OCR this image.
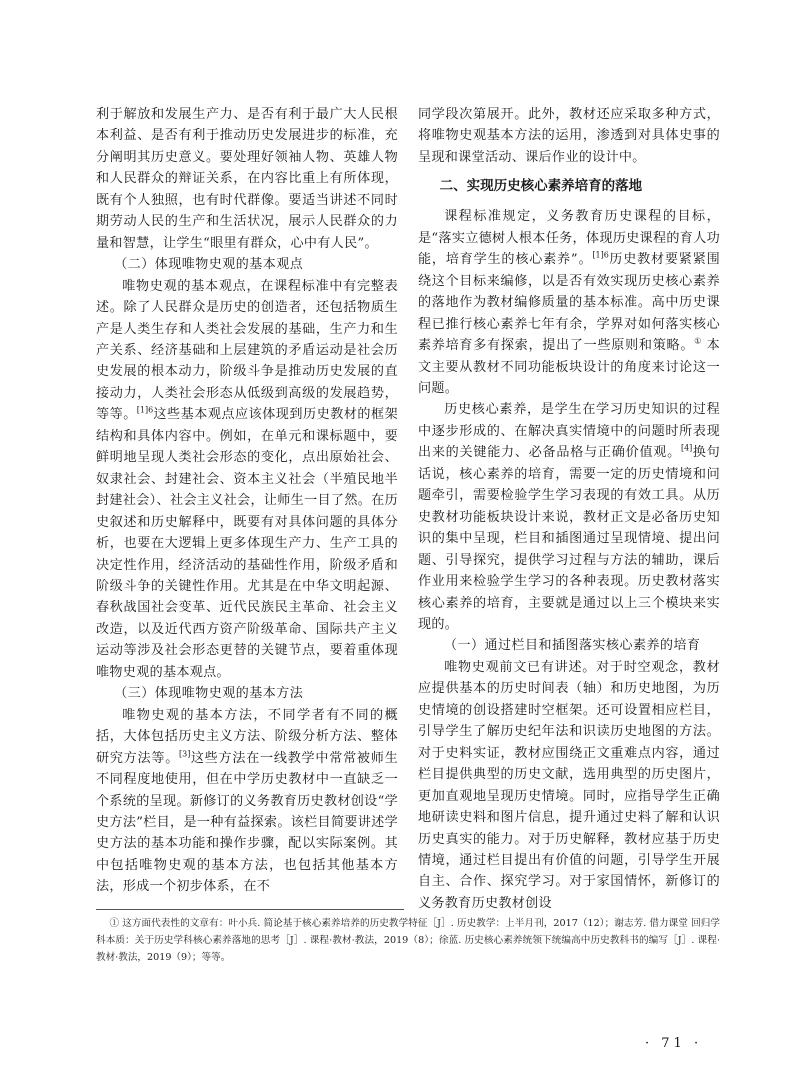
利于解放和发展生产力、是否有利于最广大人民根本利益、是否有利于推动历史发展进步的标准，充分阐明其历史意义。要处理好领袖人物、英雄人物和人民群众的辩证关系，在内容比重上有所体现，既有个人独照，也有时代群像。要适当讲述不同时期劳动人民的生产和生活状况，展示人民群众的力量和智慧，让学生“眼里有群众，心中有人民”。

（二）体现唯物史观的基本观点

唯物史观的基本观点，在课程标准中有完整表述。除了人民群众是历史的创造者，还包括物质生产是人类生存和人类社会发展的基础，生产力和生产关系、经济基础和上层建筑的矛盾运动是社会历史发展的根本动力，阶级斗争是推动历史发展的直接动力，人类社会形态从低级到高级的发展趋势，等等。$^{[1]6}$这些基本观点应该体现到历史教材的框架结构和具体内容中。例如，在单元和课标题中，要鲜明地呈现人类社会形态的变化，点出原始社会、奴隶社会、封建社会、资本主义社会（半殖民地半封建社会）、社会主义社会，让师生一目了然。在历史叙述和历史解释中，既要有对具体问题的具体分析，也要在大逻辑上更多体现生产力、生产工具的决定性作用，经济活动的基础性作用，阶级矛盾和阶级斗争的关键性作用。尤其是在中华文明起源、春秋战国社会变革、近代民族民主革命、社会主义改造，以及近代西方资产阶级革命、国际共产主义运动等涉及社会形态更替的关键节点，要着重体现唯物史观的基本观点。

（三）体现唯物史观的基本方法

唯物史观的基本方法，不同学者有不同的概括，大体包括历史主义方法、阶级分析方法、整体研究方法等。[3]这些方法在一线教学中常常被师生不同程度地使用，但在中学历史教材中一直缺乏一个系统的呈现。新修订的义务教育历史教材创设“学史方法”栏目，是一种有益探索。该栏目简要讲述学史方法的基本功能和操作步骤，配以实际案例。其中包括唯物史观的基本方法，也包括其他基本方法，形成一个初步体系，在不

同学段次第展开。此外，教材还应采取多种方式，将唯物史观基本方法的运用，渗透到对具体史事的呈现和课堂活动、课后作业的设计中。

二、实现历史核心素养培育的落地

课程标准规定，义务教育历史课程的目标，是“落实立德树人根本任务，体现历史课程的育人功能，培育学生的核心素养”。$^{[1]6}$历史教材要紧紧围绕这个目标来编修，以是否有效实现历史核心素养的落地作为教材编修质量的基本标准。高中历史课程已推行核心素养七年有余，学界对如何落实核心素养培育多有探索，提出了一些原则和策略。① 本文主要从教材不同功能板块设计的角度来讨论这一问题。

历史核心素养，是学生在学习历史知识的过程中逐步形成的、在解决真实情境中的问题时所表现出来的关键能力、必备品格与正确价值观。[4]换句话说，核心素养的培育，需要一定的历史情境和问题牵引，需要检验学生学习表现的有效工具。从历史教材功能板块设计来说，教材正文是必备历史知识的集中呈现，栏目和插图通过呈现情境、提出问题、引导探究，提供学习过程与方法的辅助，课后作业用来检验学生学习的各种表现。历史教材落实核心素养的培育，主要就是通过以上三个模块来实现的。

（一）通过栏目和插图落实核心素养的培育

唯物史观前文已有讲述。对于时空观念，教材应提供基本的历史时间表（轴）和历史地图，为历史情境的创设搭建时空框架。还可设置相应栏目，引导学生了解历史纪年法和识读历史地图的方法。对于史料实证，教材应围绕正文重难点内容，通过栏目提供典型的历史文献，选用典型的历史图片，更加直观地呈现历史情境。同时，应指导学生正确地研读史料和图片信息，提升通过史料了解和认识历史真实的能力。对于历史解释，教材应基于历史情境，通过栏目提出有价值的问题，引导学生开展自主、合作、探究学习。对于家国情怀，新修订的义务教育历史教材创设

① 这方面代表性的文章有：叶小兵. 简论基于核心素养培养的历史教学特征［J］. 历史教学：上半月刊，2017（12）；谢志芳. 借力课堂 回归学科本质：关于历史学科核心素养落地的思考［J］. 课程·教材·教法，2019（8）；徐蓝. 历史核心素养统领下统编高中历史教科书的编写［J］. 课程·教材·教法，2019（9）；等等。

· 71 ·
